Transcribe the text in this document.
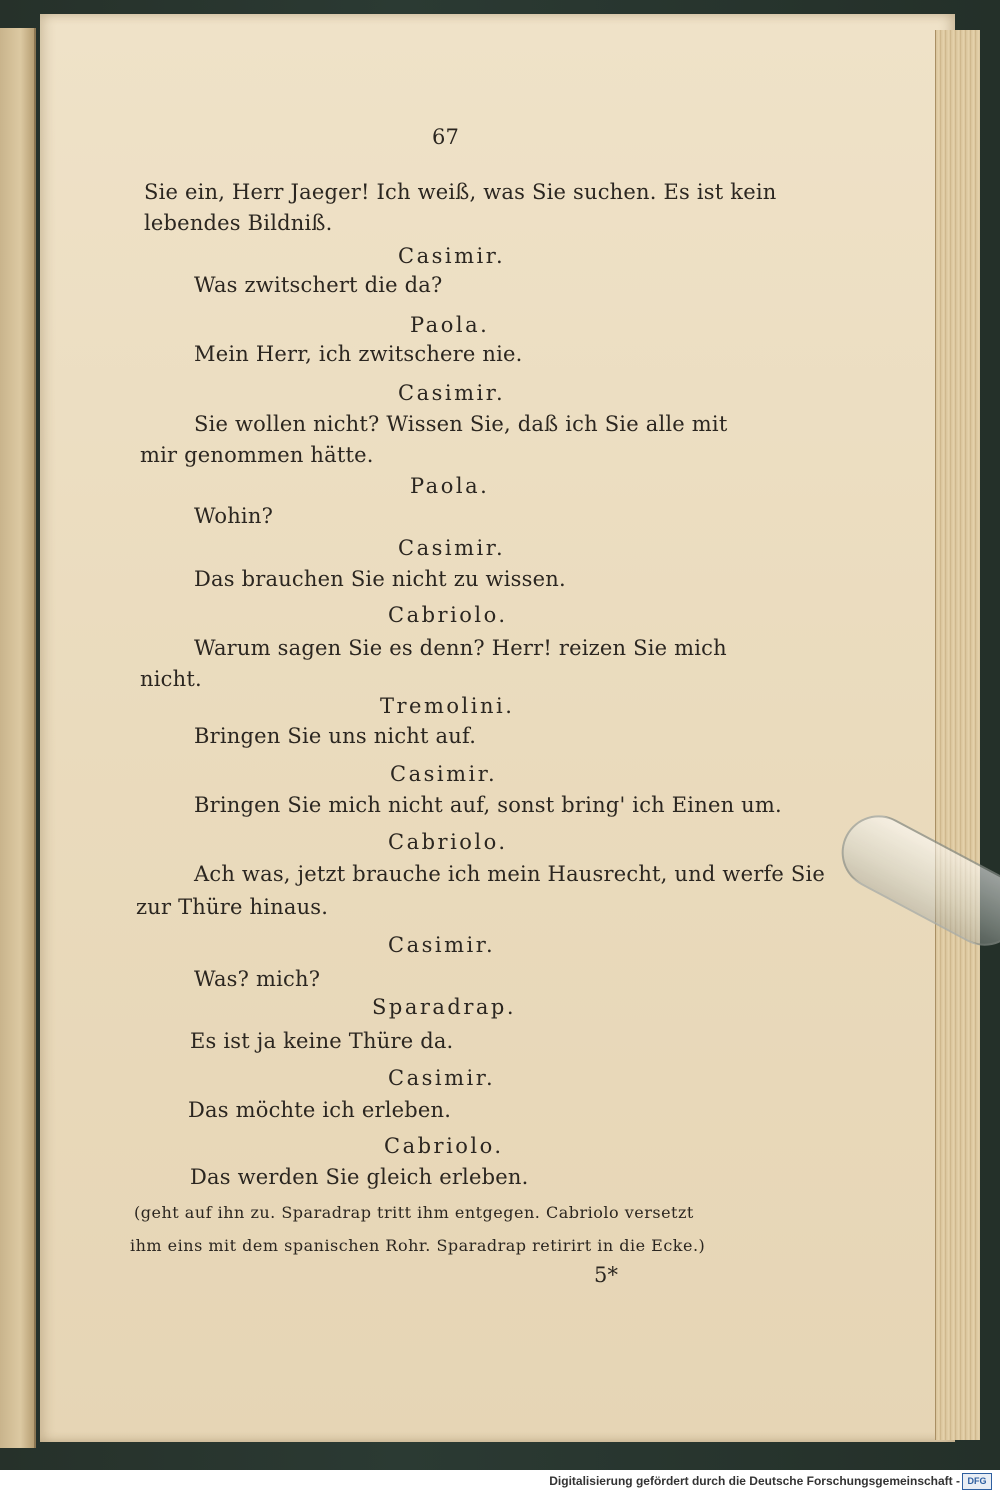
67
Sie ein, Herr Jaeger! Ich weiß, was Sie suchen. Es ist kein
lebendes Bildniß.
Casimir.
Was zwitschert die da?
Paola.
Mein Herr, ich zwitschere nie.
Casimir.
Sie wollen nicht? Wissen Sie, daß ich Sie alle mit
mir genommen hätte.
Paola.
Wohin?
Casimir.
Das brauchen Sie nicht zu wissen.
Cabriolo.
Warum sagen Sie es denn? Herr! reizen Sie mich
nicht.
Tremolini.
Bringen Sie uns nicht auf.
Casimir.
Bringen Sie mich nicht auf, sonst bring' ich Einen um.
Cabriolo.
Ach was, jetzt brauche ich mein Hausrecht, und werfe Sie
zur Thüre hinaus.
Casimir.
Was? mich?
Sparadrap.
Es ist ja keine Thüre da.
Casimir.
Das möchte ich erleben.
Cabriolo.
Das werden Sie gleich erleben.
(geht auf ihn zu. Sparadrap tritt ihm entgegen. Cabriolo versetzt
ihm eins mit dem spanischen Rohr. Sparadrap retirirt in die Ecke.)
5*
Digitalisierung gefördert durch die Deutsche Forschungsgemeinschaft - DFG
